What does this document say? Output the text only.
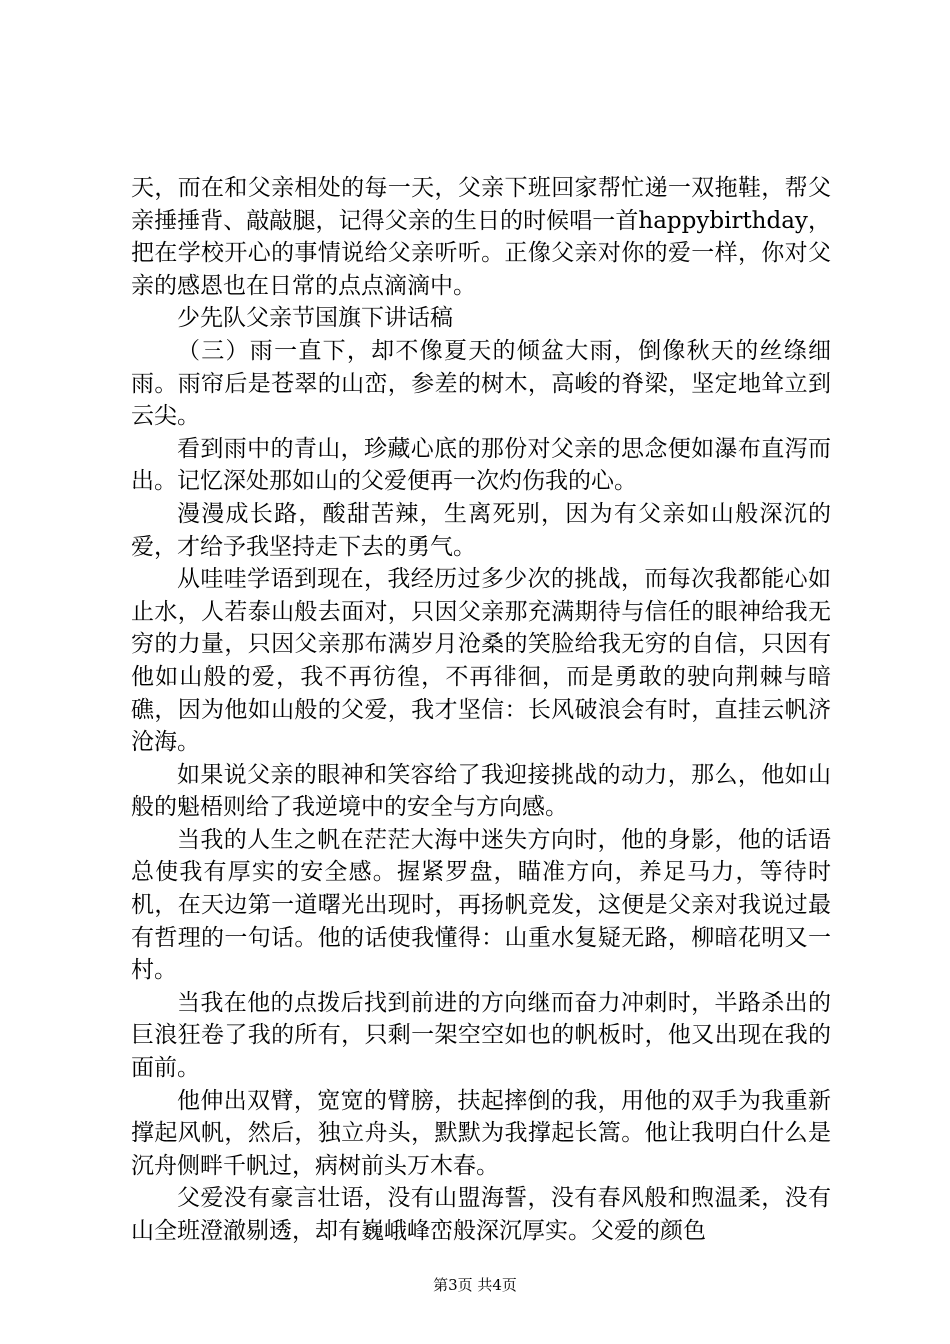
天，而在和父亲相处的每一天，父亲下班回家帮忙递一双拖鞋，帮父亲捶捶背、敲敲腿，记得父亲的生日的时候唱一首happybirthday，把在学校开心的事情说给父亲听听。正像父亲对你的爱一样，你对父亲的感恩也在日常的点点滴滴中。

少先队父亲节国旗下讲话稿

（三）雨一直下，却不像夏天的倾盆大雨，倒像秋天的丝绦细雨。雨帘后是苍翠的山峦，参差的树木，高峻的脊梁，坚定地耸立到云尖。

看到雨中的青山，珍藏心底的那份对父亲的思念便如瀑布直泻而出。记忆深处那如山的父爱便再一次灼伤我的心。

漫漫成长路，酸甜苦辣，生离死别，因为有父亲如山般深沉的爱，才给予我坚持走下去的勇气。

从哇哇学语到现在，我经历过多少次的挑战，而每次我都能心如止水，人若泰山般去面对，只因父亲那充满期待与信任的眼神给我无穷的力量，只因父亲那布满岁月沧桑的笑脸给我无穷的自信，只因有他如山般的爱，我不再彷徨，不再徘徊，而是勇敢的驶向荆棘与暗礁，因为他如山般的父爱，我才坚信：长风破浪会有时，直挂云帆济沧海。

如果说父亲的眼神和笑容给了我迎接挑战的动力，那么，他如山般的魁梧则给了我逆境中的安全与方向感。

当我的人生之帆在茫茫大海中迷失方向时，他的身影，他的话语总使我有厚实的安全感。握紧罗盘，瞄准方向，养足马力，等待时机，在天边第一道曙光出现时，再扬帆竞发，这便是父亲对我说过最有哲理的一句话。他的话使我懂得：山重水复疑无路，柳暗花明又一村。

当我在他的点拨后找到前进的方向继而奋力冲刺时，半路杀出的巨浪狂卷了我的所有，只剩一架空空如也的帆板时，他又出现在我的面前。

他伸出双臂，宽宽的臂膀，扶起摔倒的我，用他的双手为我重新撑起风帆，然后，独立舟头，默默为我撑起长篙。他让我明白什么是沉舟侧畔千帆过，病树前头万木春。

父爱没有豪言壮语，没有山盟海誓，没有春风般和煦温柔，没有山全班澄澈剔透，却有巍峨峰峦般深沉厚实。父爱的颜色

第3页 共4页
